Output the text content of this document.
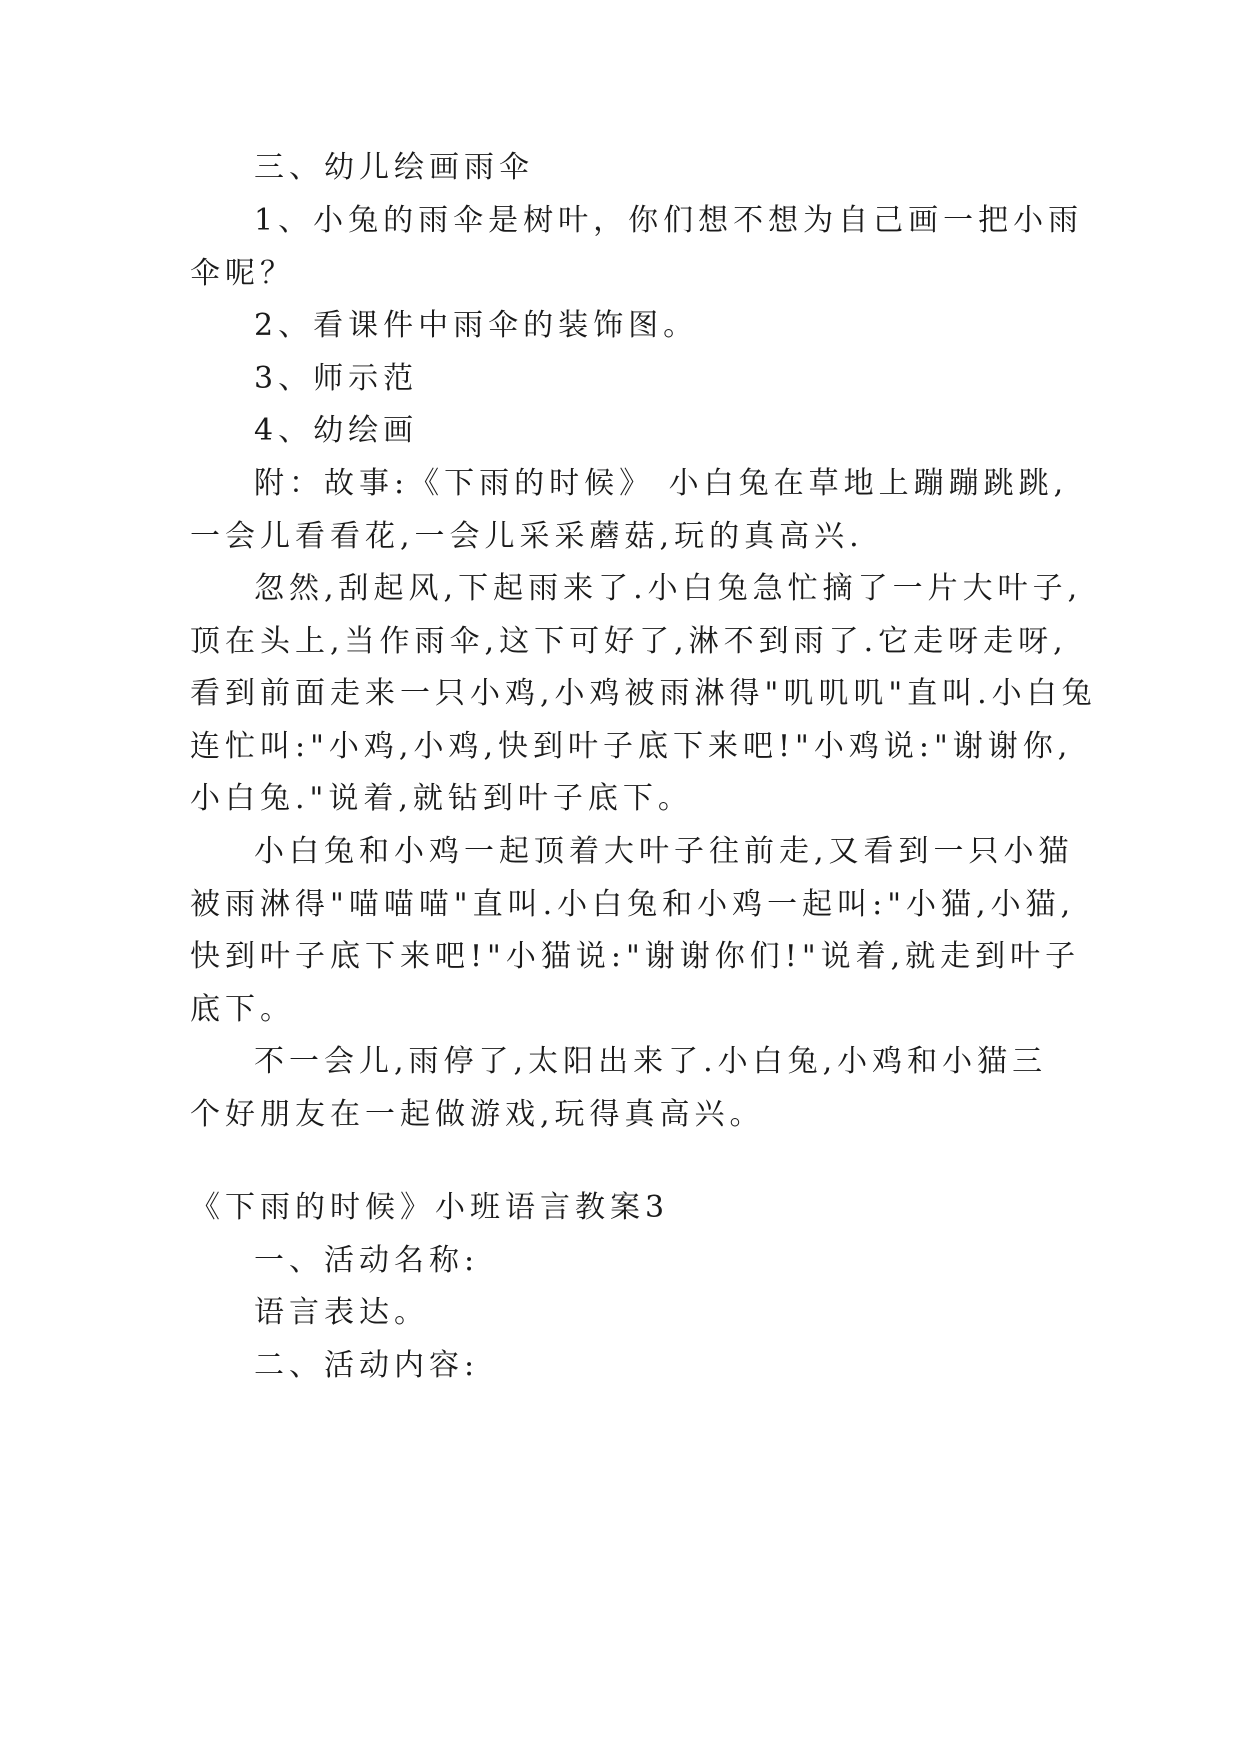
三、幼儿绘画雨伞
1、小兔的雨伞是树叶，你们想不想为自己画一把小雨
伞呢？
2、看课件中雨伞的装饰图。
3、师示范
4、幼绘画
附：故事:《下雨的时候》 小白兔在草地上蹦蹦跳跳,
一会儿看看花,一会儿采采蘑菇,玩的真高兴.
忽然,刮起风,下起雨来了.小白兔急忙摘了一片大叶子,
顶在头上,当作雨伞,这下可好了,淋不到雨了.它走呀走呀,
看到前面走来一只小鸡,小鸡被雨淋得"叽叽叽"直叫.小白兔
连忙叫:"小鸡,小鸡,快到叶子底下来吧!"小鸡说:"谢谢你,
小白兔."说着,就钻到叶子底下。
小白兔和小鸡一起顶着大叶子往前走,又看到一只小猫
被雨淋得"喵喵喵"直叫.小白兔和小鸡一起叫:"小猫,小猫,
快到叶子底下来吧!"小猫说:"谢谢你们!"说着,就走到叶子
底下。
不一会儿,雨停了,太阳出来了.小白兔,小鸡和小猫三
个好朋友在一起做游戏,玩得真高兴。
《下雨的时候》小班语言教案3
一、活动名称:
语言表达。
二、活动内容:
